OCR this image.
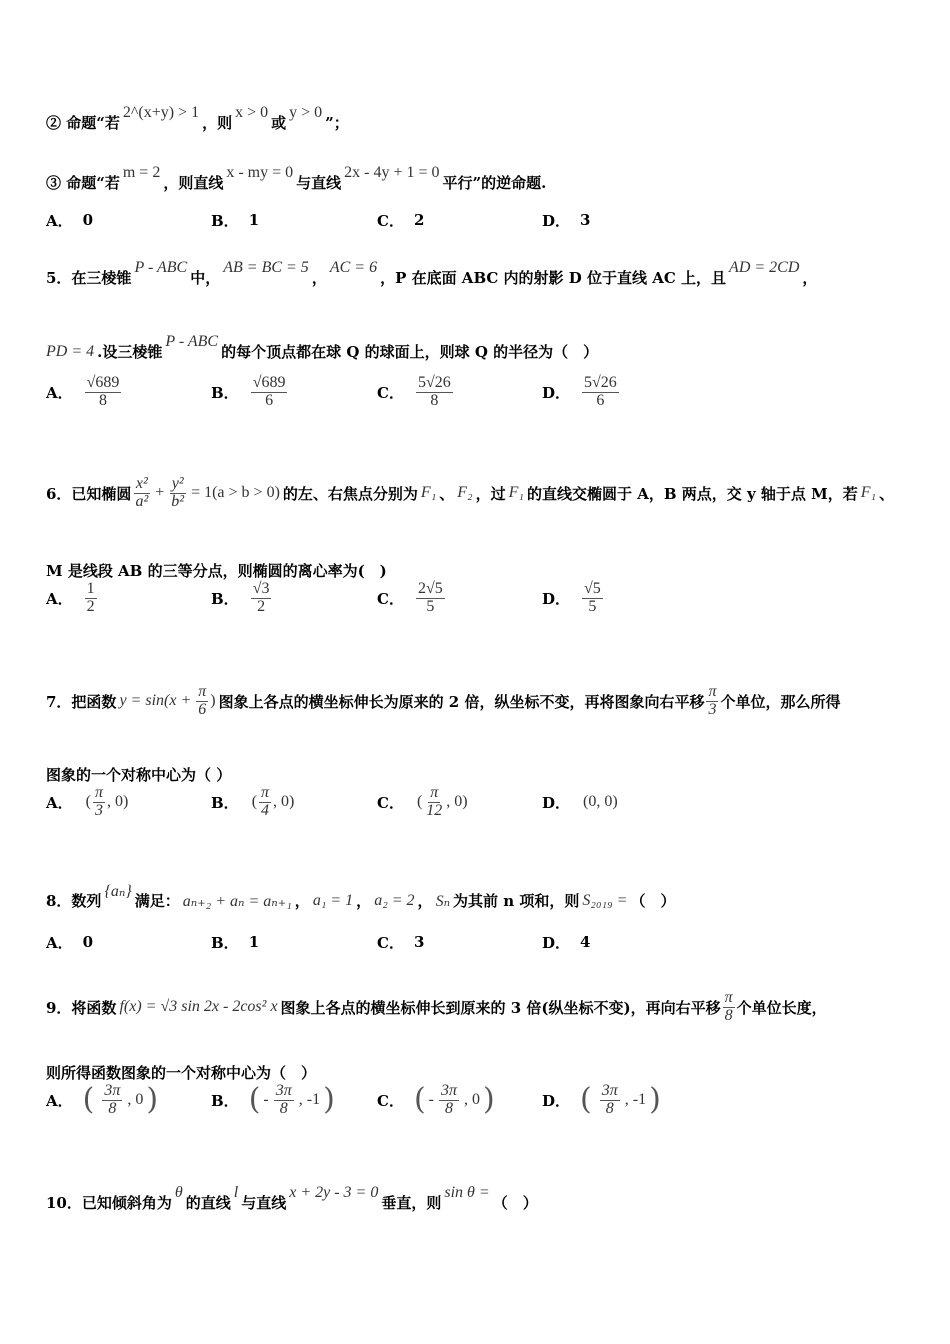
② 命题“若
2^(x+y) > 1
，则
x > 0
或
y > 0
”；
③ 命题“若
m = 2
，则直线
x - my = 0
与直线
2x - 4y + 1 = 0
平行”的逆命题.
A． 0	B． 1	C． 2	D． 3
5．在三棱锥
P - ABC
中，
AB = BC = 5
，
AC = 6
，P 在底面 ABC 内的射影 D 位于直线 AC 上，且
AD = 2CD
，
PD = 4 .设三棱锥
P - ABC
的每个顶点都在球 Q 的球面上，则球 Q 的半径为（　）
A． $\frac{√689}{8}$	B． $\frac{√689}{6}$	C． $\frac{5√26}{8}$	D． $\frac{5√26}{6}$
6．已知椭圆 $\frac{\text{x²}}{\text{a²}} + \frac{\text{y²}}{\text{b²}} = 1(a > b > 0)$ 的左、右焦点分别为 F₁ 、 F₂ ，过 F₁ 的直线交椭圆于 A，B 两点，交 y 轴于点 M，若 F₁ 、
M 是线段 AB 的三等分点，则椭圆的离心率为(　)
A． $\frac{1}{2}$	B． $\frac{√3}{2}$	C． $\frac{2√5}{5}$	D． $\frac{√5}{5}$
7．把函数 $y = \sin(x + \frac{\pi}{6}$ ) 图象上各点的横坐标伸长为原来的 2 倍，纵坐标不变，再将图象向右平移 $\frac{\pi}{3}$ 个单位，那么所得
图象的一个对称中心为（ ）
A． ( $\frac{\pi}{3}$ , 0)	B． ( $\frac{\pi}{4}$ , 0)	C． ( $\frac{\pi}{12}$ , 0)	D． (0, 0)
8．数列
{aₙ}
满足： aₙ₊₂ + aₙ = aₙ₊₁ ， a₁ = 1 ， a₂ = 2 ， Sₙ 为其前 n 项和，则 S₂₀₁₉ = （　）
A． 0	B． 1	C． 3	D． 4
9．将函数 f(x) = √3 sin 2x - 2cos² x 图象上各点的横坐标伸长到原来的 3 倍(纵坐标不变)，再向右平移 $\frac{\pi}{8}$ 个单位长度，
则所得函数图象的一个对称中心为（　）
A． ( $\frac{3\pi}{8}$ , 0 )	B． ( - $\frac{3\pi}{8}$ , -1 )	C． ( - $\frac{3\pi}{8}$ , 0 )	D． ( $\frac{3\pi}{8}$ , -1 )
10．已知倾斜角为
θ
的直线
l
与直线
x + 2y - 3 = 0
垂直，则
sin θ =
（　）
